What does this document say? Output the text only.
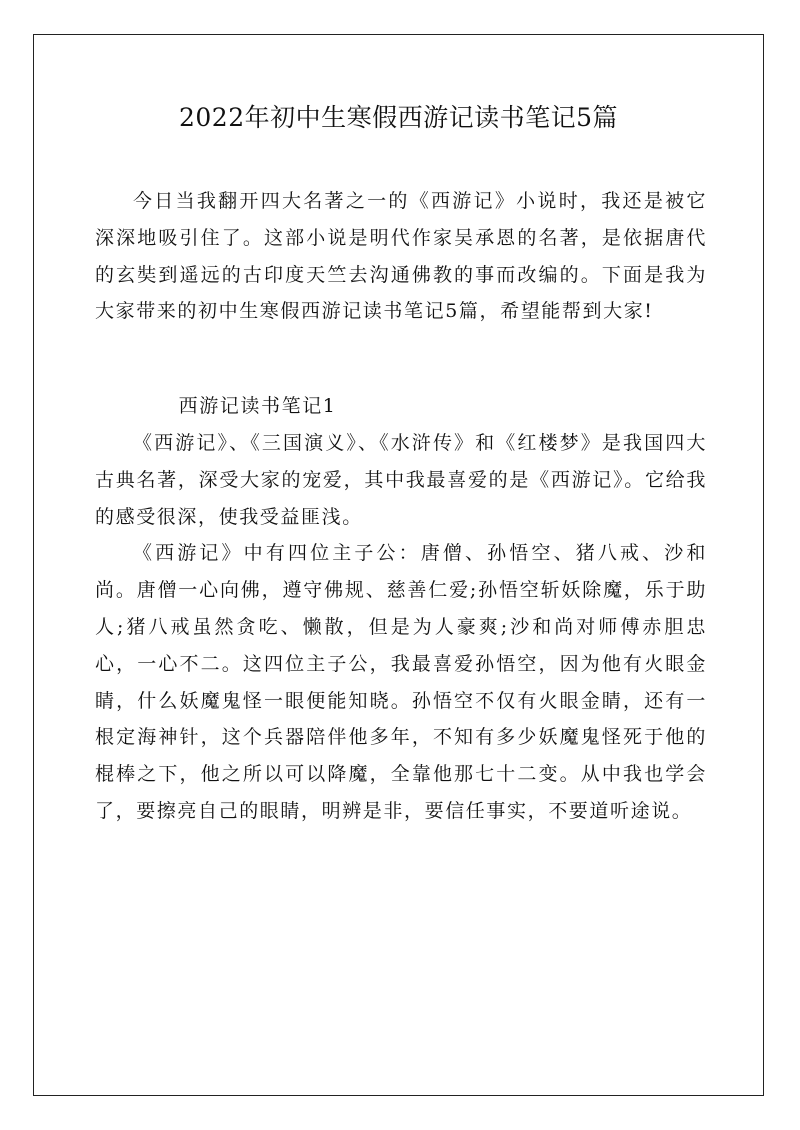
2022年初中生寒假西游记读书笔记5篇

今日当我翻开四大名著之一的《西游记》小说时，我还是被它深深地吸引住了。这部小说是明代作家吴承恩的名著，是依据唐代的玄奘到遥远的古印度天竺去沟通佛教的事而改编的。下面是我为大家带来的初中生寒假西游记读书笔记5篇，希望能帮到大家!

西游记读书笔记1

《西游记》、《三国演义》、《水浒传》和《红楼梦》是我国四大古典名著，深受大家的宠爱，其中我最喜爱的是《西游记》。它给我的感受很深，使我受益匪浅。

《西游记》中有四位主子公：唐僧、孙悟空、猪八戒、沙和尚。唐僧一心向佛，遵守佛规、慈善仁爱;孙悟空斩妖除魔，乐于助人;猪八戒虽然贪吃、懒散，但是为人豪爽;沙和尚对师傅赤胆忠心，一心不二。这四位主子公，我最喜爱孙悟空，因为他有火眼金睛，什么妖魔鬼怪一眼便能知晓。孙悟空不仅有火眼金睛，还有一根定海神针，这个兵器陪伴他多年，不知有多少妖魔鬼怪死于他的棍棒之下，他之所以可以降魔，全靠他那七十二变。从中我也学会了，要擦亮自己的眼睛，明辨是非，要信任事实，不要道听途说。
